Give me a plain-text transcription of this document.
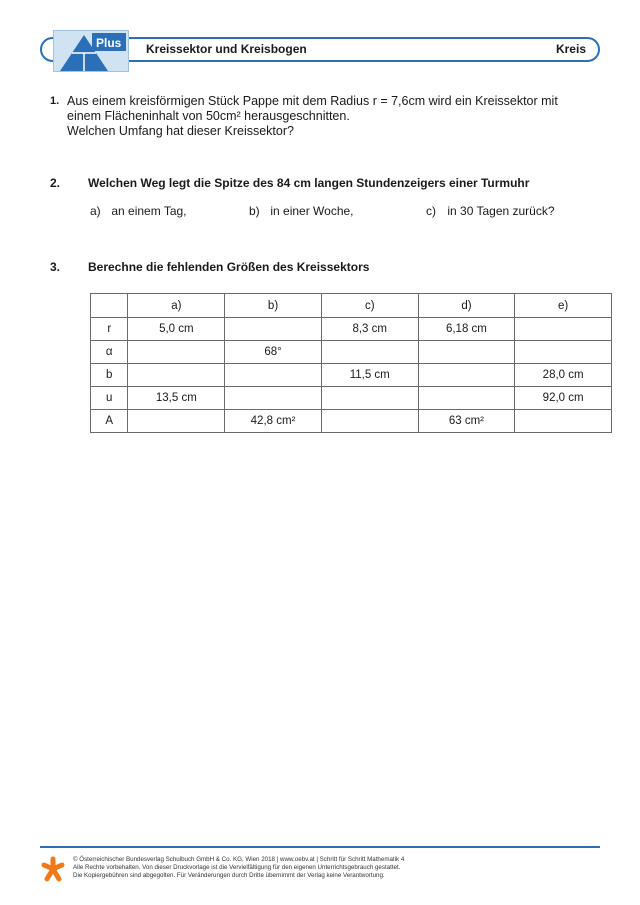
Plus Kreissektor und Kreisbogen	Kreis
1. Aus einem kreisförmigen Stück Pappe mit dem Radius r = 7,6cm wird ein Kreissektor mit
einem Flächeninhalt von 50cm² herausgeschnitten.
Welchen Umfang hat dieser Kreissektor?
2. Welchen Weg legt die Spitze des 84 cm langen Stundenzeigers einer Turmuhr
a) an einem Tag,	b) in einer Woche,	c) in 30 Tagen zurück?
3. Berechne die fehlenden Größen des Kreissektors
	a)	b)	c)	d)	e)
r	5,0 cm		8,3 cm	6,18 cm	
α		68°			
b			11,5 cm		28,0 cm
u	13,5 cm				92,0 cm
A		42,8 cm²		63 cm²	
© Österreichischer Bundesverlag Schulbuch GmbH & Co. KG, Wien 2018 | www.oebv.at | Schritt für Schritt Mathematik 4
Alle Rechte vorbehalten. Von dieser Druckvorlage ist die Vervielfältigung für den eigenen Unterrichtsgebrauch gestattet.
Die Kopiergebühren sind abgegolten. Für Veränderungen durch Dritte übernimmt der Verlag keine Verantwortung.
